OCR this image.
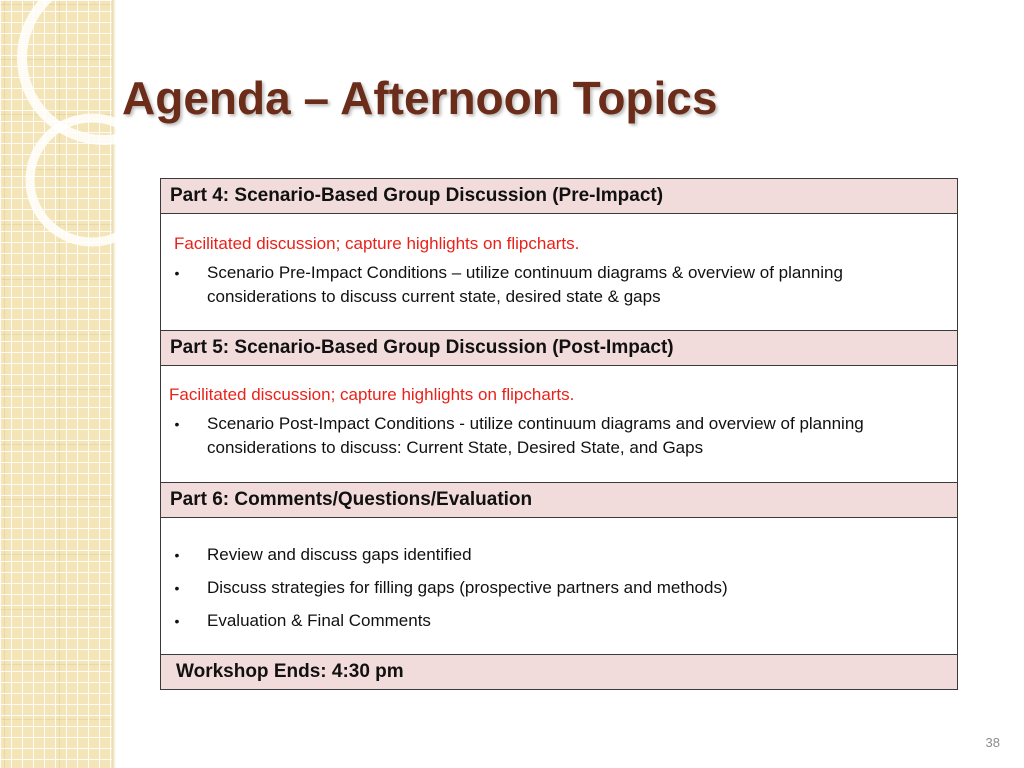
Agenda – Afternoon Topics
Part 4: Scenario-Based Group Discussion (Pre-Impact)

Facilitated discussion; capture highlights on flipcharts.
• Scenario Pre-Impact Conditions – utilize continuum diagrams & overview of planning considerations to discuss current state, desired state & gaps

Part 5: Scenario-Based Group Discussion (Post-Impact)

Facilitated discussion; capture highlights on flipcharts.
• Scenario Post-Impact Conditions - utilize continuum diagrams and overview of planning considerations to discuss: Current State, Desired State, and Gaps

Part 6: Comments/Questions/Evaluation

• Review and discuss gaps identified
• Discuss strategies for filling gaps (prospective partners and methods)
• Evaluation & Final Comments

Workshop Ends: 4:30 pm
38
